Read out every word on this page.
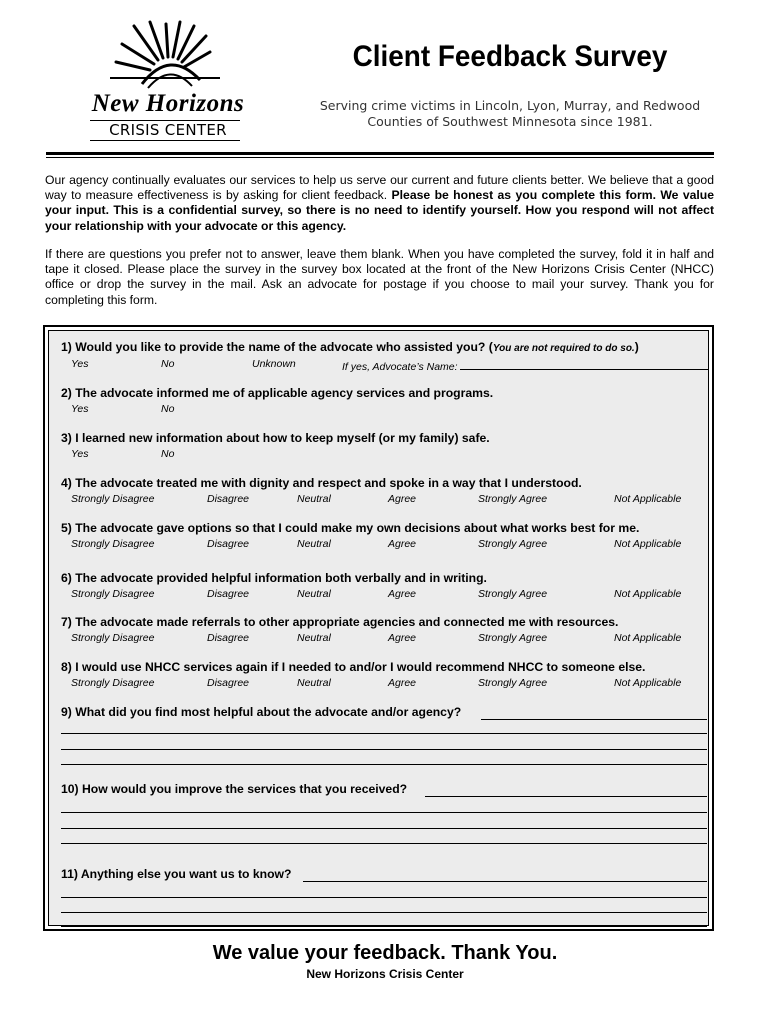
New Horizons
CRISIS CENTER
Client Feedback Survey
Serving crime victims in Lincoln, Lyon, Murray, and Redwood
Counties of Southwest Minnesota since 1981.
Our agency continually evaluates our services to help us serve our current and future clients better. We believe that a good way to measure effectiveness is by asking for client feedback. Please be honest as you complete this form. We value your input. This is a confidential survey, so there is no need to identify yourself. How you respond will not affect your relationship with your advocate or this agency.
If there are questions you prefer not to answer, leave them blank. When you have completed the survey, fold it in half and tape it closed. Please place the survey in the survey box located at the front of the New Horizons Crisis Center (NHCC) office or drop the survey in the mail. Ask an advocate for postage if you choose to mail your survey. Thank you for completing this form.
1) Would you like to provide the name of the advocate who assisted you? (You are not required to do so.)
Yes	No	Unknown	If yes, Advocate’s Name:
2) The advocate informed me of applicable agency services and programs.
Yes	No
3) I learned new information about how to keep myself (or my family) safe.
Yes	No
4) The advocate treated me with dignity and respect and spoke in a way that I understood.
Strongly Disagree	Disagree	Neutral	Agree	Strongly Agree	Not Applicable
5) The advocate gave options so that I could make my own decisions about what works best for me.
Strongly Disagree	Disagree	Neutral	Agree	Strongly Agree	Not Applicable
6) The advocate provided helpful information both verbally and in writing.
Strongly Disagree	Disagree	Neutral	Agree	Strongly Agree	Not Applicable
7) The advocate made referrals to other appropriate agencies and connected me with resources.
Strongly Disagree	Disagree	Neutral	Agree	Strongly Agree	Not Applicable
8) I would use NHCC services again if I needed to and/or I would recommend NHCC to someone else.
Strongly Disagree	Disagree	Neutral	Agree	Strongly Agree	Not Applicable
9) What did you find most helpful about the advocate and/or agency?
10) How would you improve the services that you received?
11) Anything else you want us to know?
We value your feedback. Thank You.
New Horizons Crisis Center
